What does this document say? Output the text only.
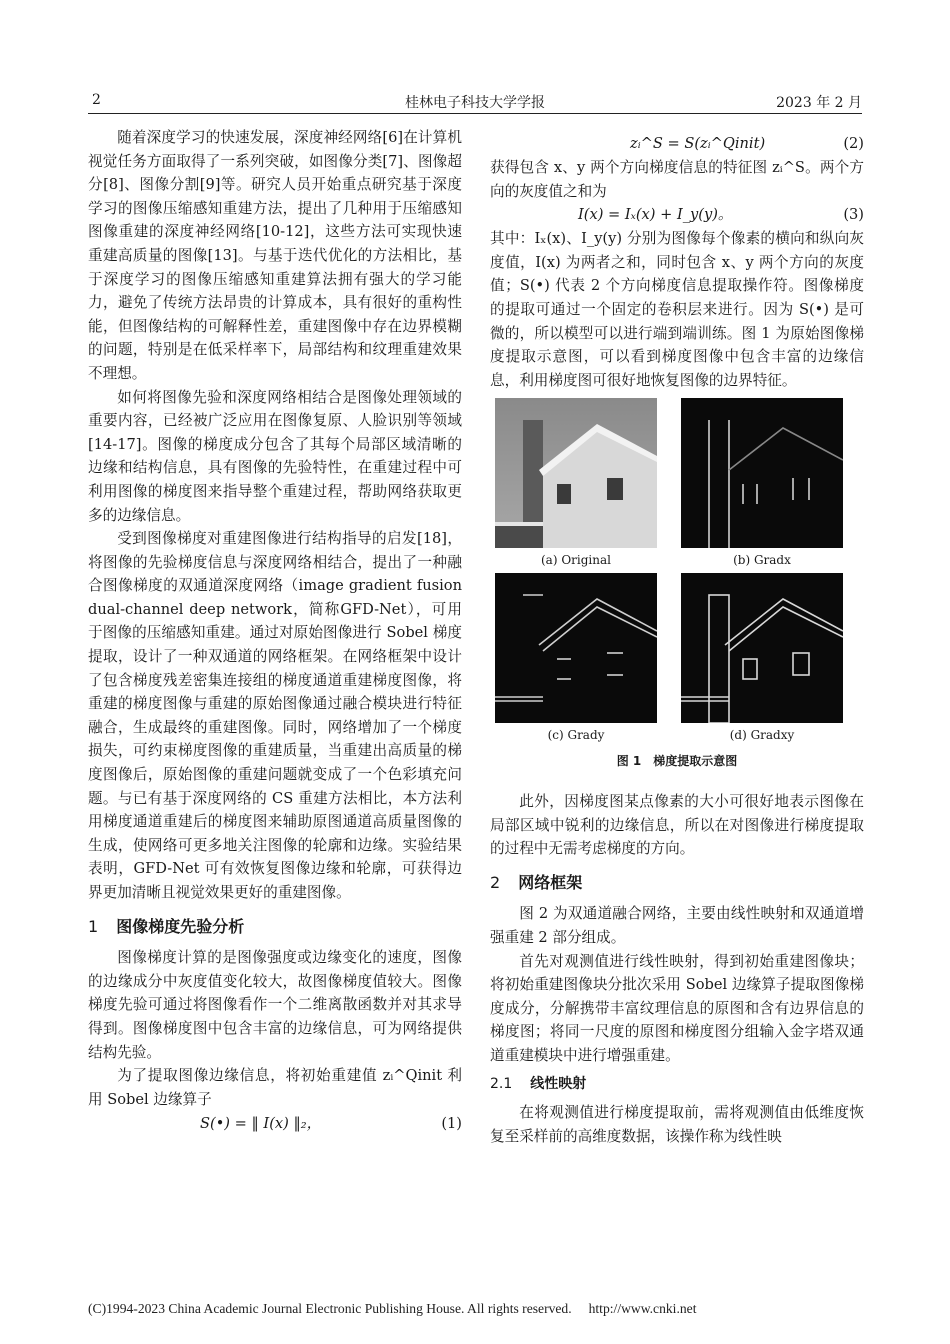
2	桂林电子科技大学学报	2023 年 2 月

随着深度学习的快速发展，深度神经网络[6]在计算机视觉任务方面取得了一系列突破，如图像分类[7]、图像超分[8]、图像分割[9]等。研究人员开始重点研究基于深度学习的图像压缩感知重建方法，提出了几种用于压缩感知图像重建的深度神经网络[10-12]，这些方法可实现快速重建高质量的图像[13]。与基于迭代优化的方法相比，基于深度学习的图像压缩感知重建算法拥有强大的学习能力，避免了传统方法昂贵的计算成本，具有很好的重构性能，但图像结构的可解释性差，重建图像中存在边界模糊的问题，特别是在低采样率下，局部结构和纹理重建效果不理想。

如何将图像先验和深度网络相结合是图像处理领域的重要内容，已经被广泛应用在图像复原、人脸识别等领域[14-17]。图像的梯度成分包含了其每个局部区域清晰的边缘和结构信息，具有图像的先验特性，在重建过程中可利用图像的梯度图来指导整个重建过程，帮助网络获取更多的边缘信息。

受到图像梯度对重建图像进行结构指导的启发[18]，将图像的先验梯度信息与深度网络相结合，提出了一种融合图像梯度的双通道深度网络（image gradient fusion dual-channel deep network，简称GFD-Net），可用于图像的压缩感知重建。通过对原始图像进行 Sobel 梯度提取，设计了一种双通道的网络框架。在网络框架中设计了包含梯度残差密集连接组的梯度通道重建梯度图像，将重建的梯度图像与重建的原始图像通过融合模块进行特征融合，生成最终的重建图像。同时，网络增加了一个梯度损失，可约束梯度图像的重建质量，当重建出高质量的梯度图像后，原始图像的重建问题就变成了一个色彩填充问题。与已有基于深度网络的 CS 重建方法相比，本方法利用梯度通道重建后的梯度图来辅助原图通道高质量图像的生成，使网络可更多地关注图像的轮廓和边缘。实验结果表明，GFD-Net 可有效恢复图像边缘和轮廓，可获得边界更加清晰且视觉效果更好的重建图像。

1 图像梯度先验分析

图像梯度计算的是图像强度或边缘变化的速度，图像的边缘成分中灰度值变化较大，故图像梯度值较大。图像梯度先验可通过将图像看作一个二维离散函数并对其求导得到。图像梯度图中包含丰富的边缘信息，可为网络提供结构先验。

为了提取图像边缘信息，将初始重建值 zᵢ^Qinit 利用 Sobel 边缘算子

S(•) = ‖ I(x) ‖₂，	(1)
zᵢ^S = S(zᵢ^Qinit)	(2)

获得包含 x、y 两个方向梯度信息的特征图 zᵢ^S。两个方向的灰度值之和为

I(x) = Iₓ(x) + I_y(y)。	(3)

其中：Iₓ(x)、I_y(y) 分别为图像每个像素的横向和纵向灰度值，I(x) 为两者之和，同时包含 x、y 两个方向的灰度值；S(•) 代表 2 个方向梯度信息提取操作符。图像梯度的提取可通过一个固定的卷积层来进行。因为 S(•) 是可微的，所以模型可以进行端到端训练。图 1 为原始图像梯度提取示意图，可以看到梯度图像中包含丰富的边缘信息，利用梯度图可很好地恢复图像的边界特征。

(a) Original	(b) Gradx
(c) Grady	(d) Gradxy
图 1　梯度提取示意图

此外，因梯度图某点像素的大小可很好地表示图像在局部区域中锐利的边缘信息，所以在对图像进行梯度提取的过程中无需考虑梯度的方向。

2 网络框架

图 2 为双通道融合网络，主要由线性映射和双通道增强重建 2 部分组成。

首先对观测值进行线性映射，得到初始重建图像块；将初始重建图像块分批次采用 Sobel 边缘算子提取图像梯度成分，分解携带丰富纹理信息的原图和含有边界信息的梯度图；将同一尺度的原图和梯度图分组输入金字塔双通道重建模块中进行增强重建。

2.1 线性映射

在将观测值进行梯度提取前，需将观测值由低维度恢复至采样前的高维度数据，该操作称为线性映

(C)1994-2023 China Academic Journal Electronic Publishing House. All rights reserved.　 http://www.cnki.net
